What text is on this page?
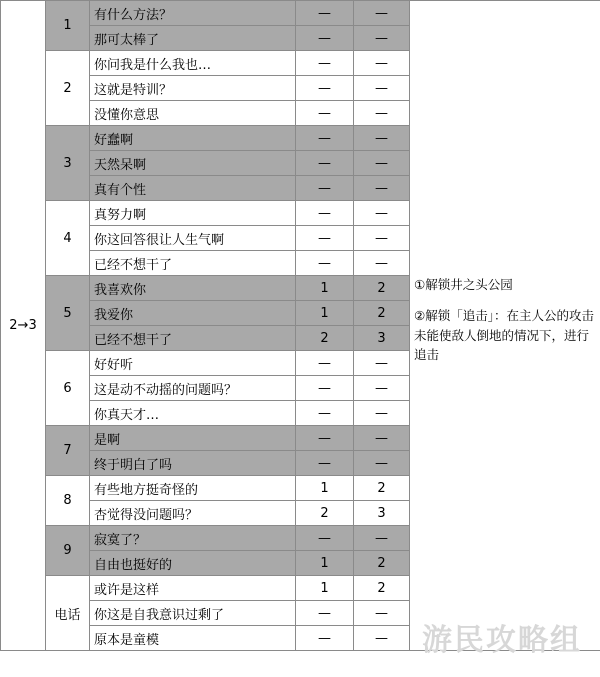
2→3	1	有什么方法？	—	—	①解锁井之头公园

②解锁「追击」：在主人公的攻击未能使敌人倒地的情况下，进行追击

		那可太棒了	—	—	
	2	你问我是什么我也…	—	—	
		这就是特训？	—	—	
		没懂你意思	—	—	
	3	好蠢啊	—	—	
		天然呆啊	—	—	
		真有个性	—	—	
	4	真努力啊	—	—	
		你这回答很让人生气啊	—	—	
		已经不想干了	—	—	
	5	我喜欢你	1	2	
		我爱你	1	2	
		已经不想干了	2	3	
	6	好好听	—	—	
		这是动不动摇的问题吗？	—	—	
		你真天才…	—	—	
	7	是啊	—	—	
		终于明白了吗	—	—	
	8	有些地方挺奇怪的	1	2	
		杏觉得没问题吗？	2	3	
	9	寂寞了？	—	—	
		自由也挺好的	1	2	
	电话	或许是这样	1	2	
		你这是自我意识过剩了	—	—	
		原本是童模	—	—	游民攻略组
